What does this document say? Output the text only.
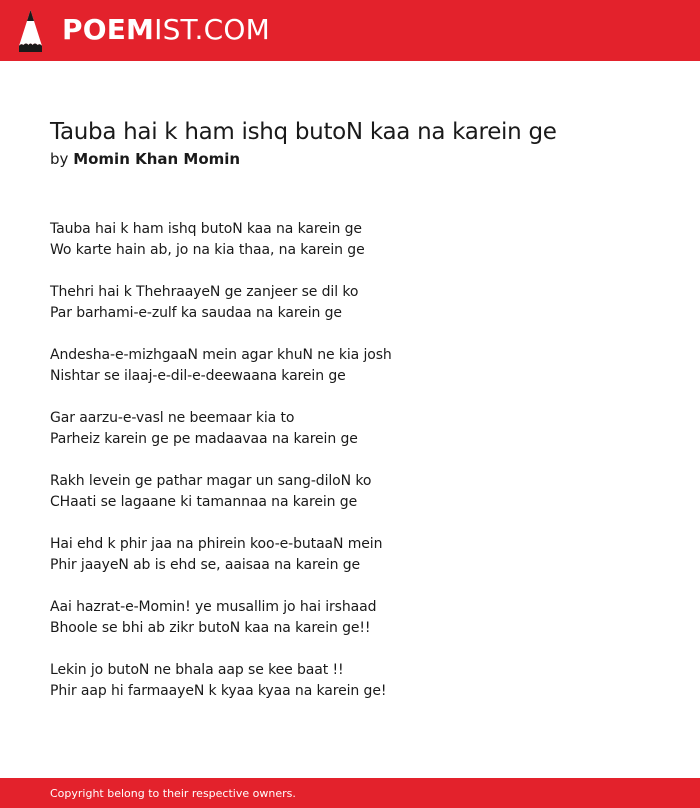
POEMIST.COM
Tauba hai k ham ishq butoN kaa na karein ge
by Momin Khan Momin
Tauba hai k ham ishq butoN kaa na karein ge
Wo karte hain ab, jo na kia thaa, na karein ge
Thehri hai k ThehraayeN ge zanjeer se dil ko
Par barhami-e-zulf ka saudaa na karein ge
Andesha-e-mizhgaaN mein agar khuN ne kia josh
Nishtar se ilaaj-e-dil-e-deewaana karein ge
Gar aarzu-e-vasl ne beemaar kia to
Parheiz karein ge pe madaavaa na karein ge
Rakh levein ge pathar magar un sang-diloN ko
CHaati se lagaane ki tamannaa na karein ge
Hai ehd k phir jaa na phirein koo-e-butaaN mein
Phir jaayeN ab is ehd se, aaisaa na karein ge
Aai hazrat-e-Momin! ye musallim jo hai irshaad
Bhoole se bhi ab zikr butoN kaa na karein ge!!
Lekin jo butoN ne bhala aap se kee baat !!
Phir aap hi farmaayeN k kyaa kyaa na karein ge!
Copyright belong to their respective owners.
